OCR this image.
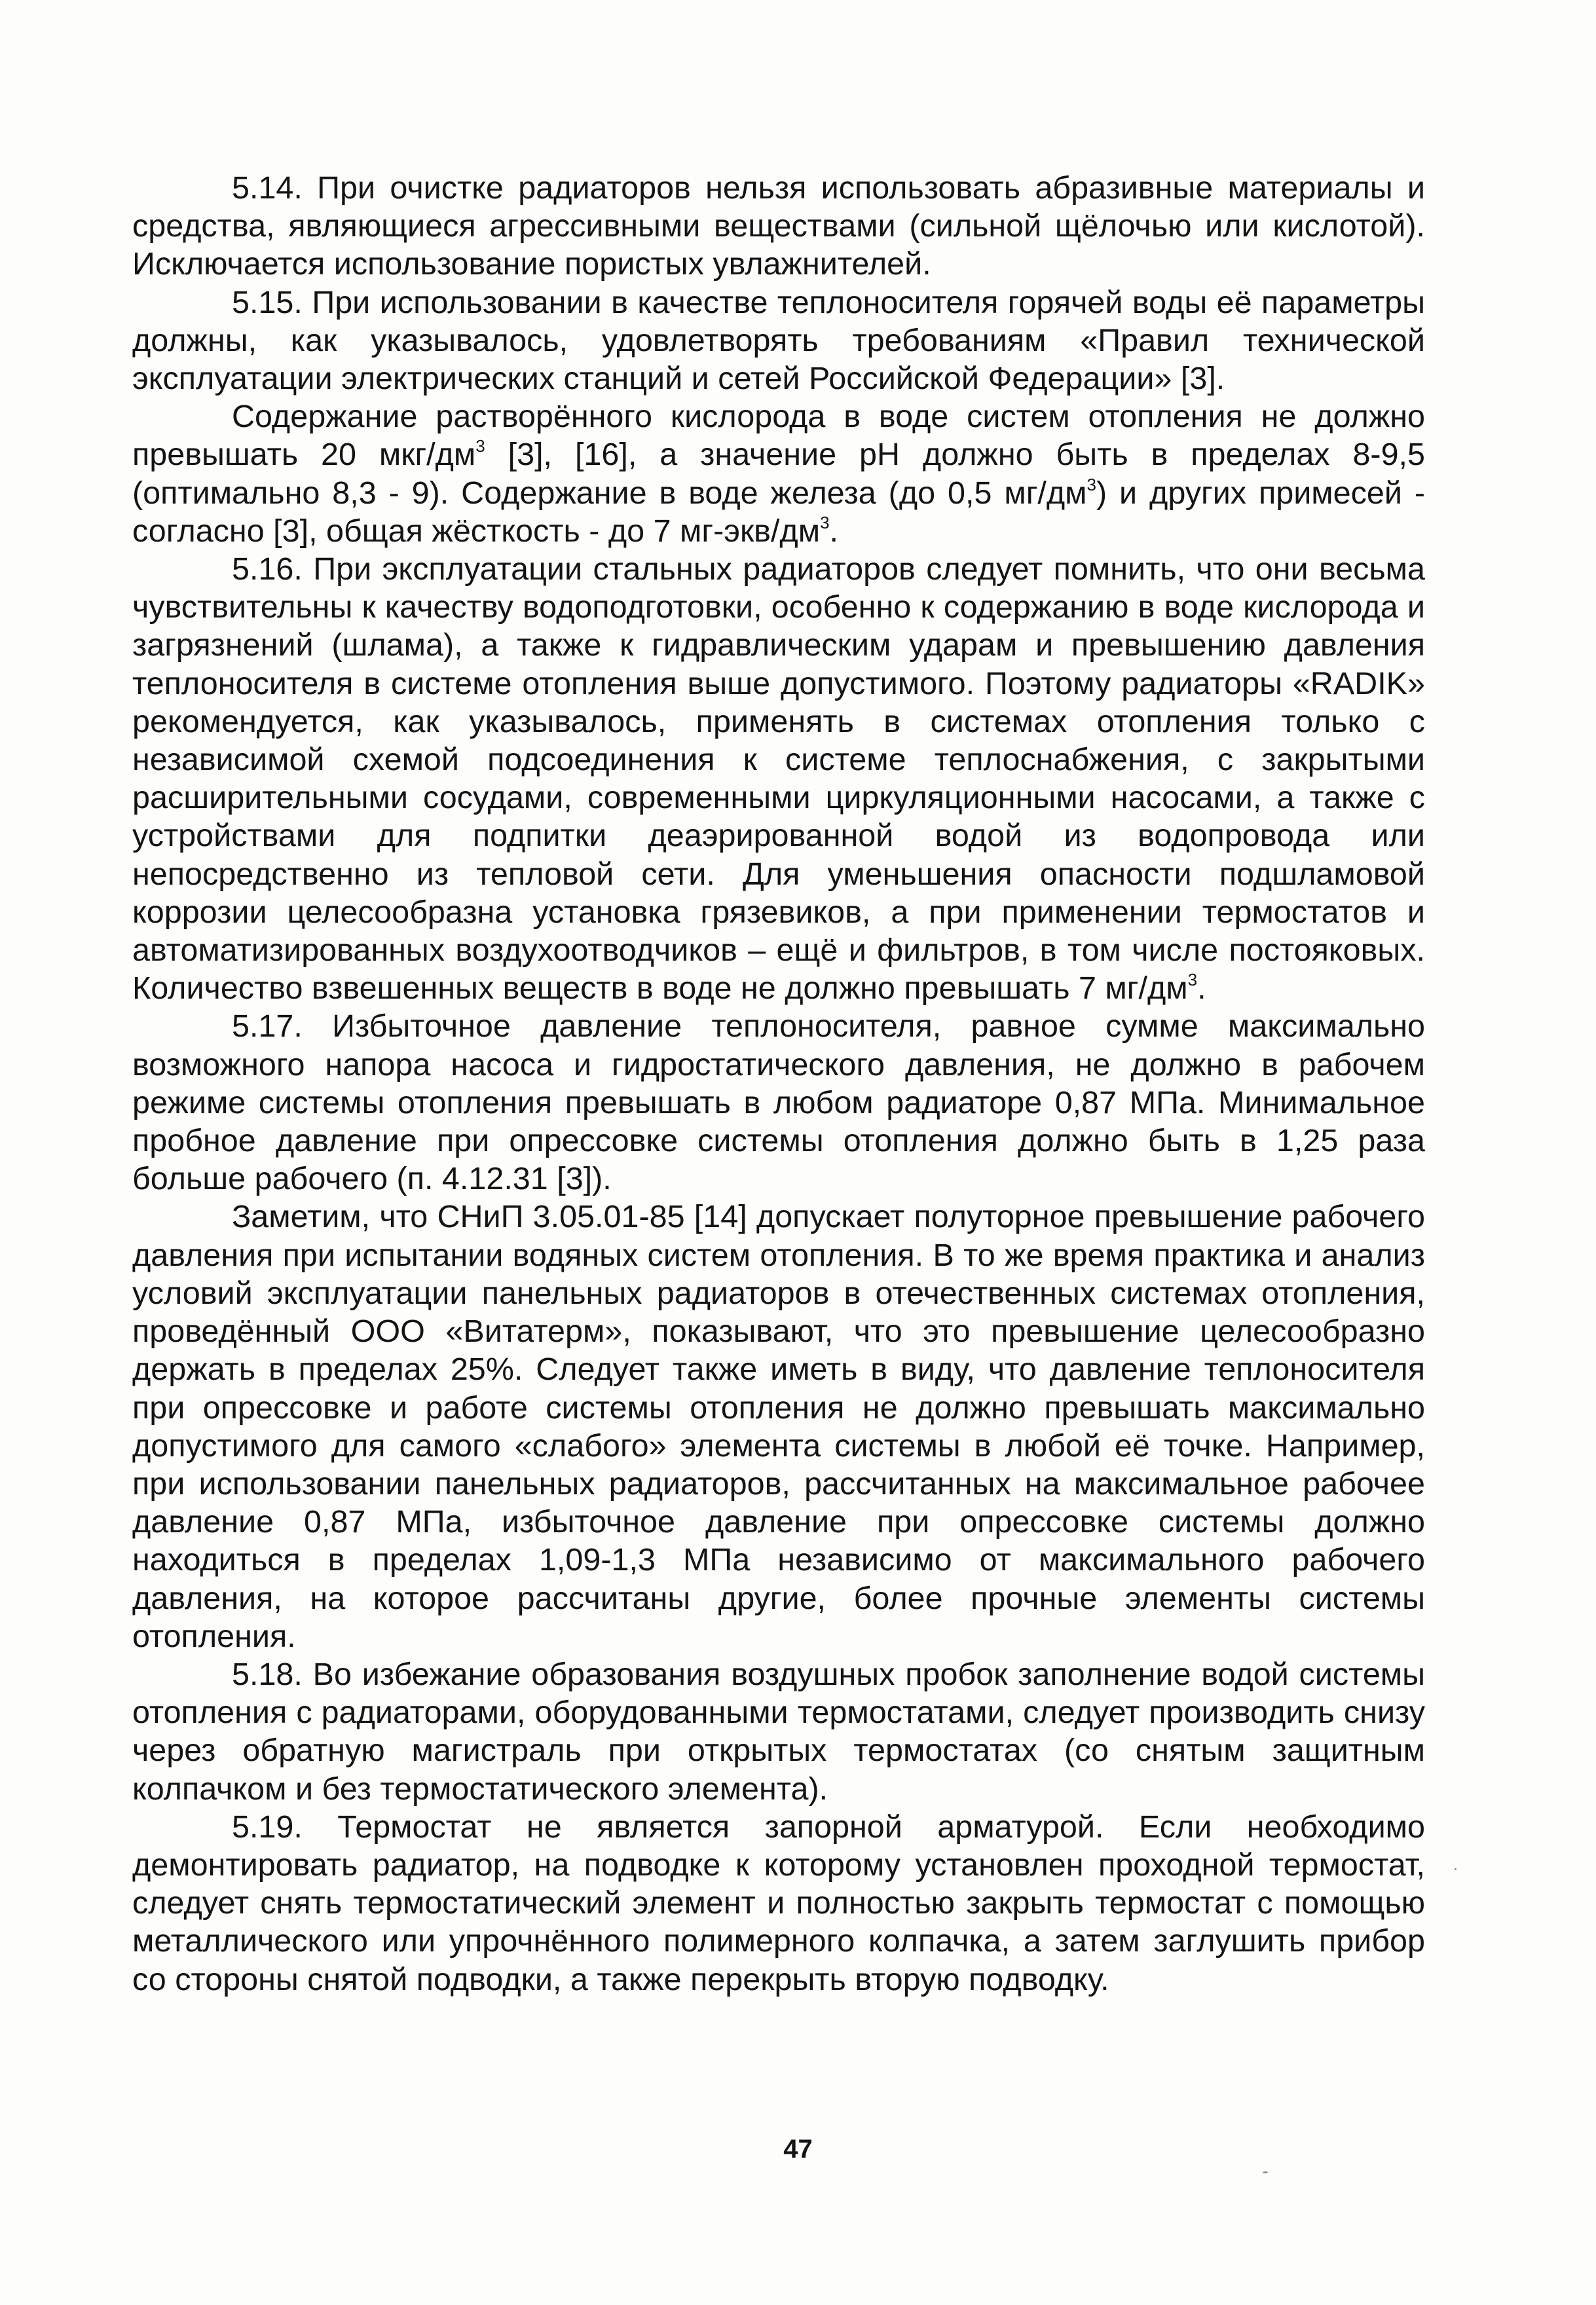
5.14. При очистке радиаторов нельзя использовать абразивные материалы и средства, являющиеся агрессивными веществами (сильной щёлочью или кислотой). Исключается использование пористых увлажнителей.

5.15. При использовании в качестве теплоносителя горячей воды её параметры должны, как указывалось, удовлетворять требованиям «Правил технической эксплуатации электрических станций и сетей Российской Федерации» [3].

Содержание растворённого кислорода в воде систем отопления не должно превышать 20 мкг/$дм^3$ [3], [16], а значение pH должно быть в пределах 8-9,5 (оптимально 8,3 - 9). Содержание в воде железа (до 0,5 $мг/дм^3$) и других примесей - согласно [3], общая жёсткость - до 7 $мг-экв/дм^3$.

5.16. При эксплуатации стальных радиаторов следует помнить, что они весьма чувствительны к качеству водоподготовки, особенно к содержанию в воде кислорода и загрязнений (шлама), а также к гидравлическим ударам и превышению давления теплоносителя в системе отопления выше допустимого. Поэтому радиаторы «RADIK» рекомендуется, как указывалось, применять в системах отопления только с независимой схемой подсоединения к системе теплоснабжения, с закрытыми расширительными сосудами, современными циркуляционными насосами, а также с устройствами для подпитки деаэрированной водой из водопровода или непосредственно из тепловой сети. Для уменьшения опасности подшламовой коррозии целесообразна установка грязевиков, а при применении термостатов и автоматизированных воздухоотводчиков – ещё и фильтров, в том числе постояковых. Количество взвешенных веществ в воде не должно превышать 7 $мг/дм^3$.

5.17. Избыточное давление теплоносителя, равное сумме максимально возможного напора насоса и гидростатического давления, не должно в рабочем режиме системы отопления превышать в любом радиаторе 0,87 МПа. Минимальное пробное давление при опрессовке системы отопления должно быть в 1,25 раза больше рабочего (п. 4.12.31 [3]).

Заметим, что СНиП 3.05.01-85 [14] допускает полуторное превышение рабочего давления при испытании водяных систем отопления. В то же время практика и анализ условий эксплуатации панельных радиаторов в отечественных системах отопления, проведённый ООО «Витатерм», показывают, что это превышение целесообразно держать в пределах 25%. Следует также иметь в виду, что давление теплоносителя при опрессовке и работе системы отопления не должно превышать максимально допустимого для самого «слабого» элемента системы в любой её точке. Например, при использовании панельных радиаторов, рассчитанных на максимальное рабочее давление 0,87 МПа, избыточное давление при опрессовке системы должно находиться в пределах 1,09-1,3 МПа независимо от максимального рабочего давления, на которое рассчитаны другие, более прочные элементы системы отопления.

5.18. Во избежание образования воздушных пробок заполнение водой системы отопления с радиаторами, оборудованными термостатами, следует производить снизу через обратную магистраль при открытых термостатах (со снятым защитным колпачком и без термостатического элемента).

5.19. Термостат не является запорной арматурой. Если необходимо демонтировать радиатор, на подводке к которому установлен проходной термостат, следует снять термостатический элемент и полностью закрыть термостат с помощью металлического или упрочнённого полимерного колпачка, а затем заглушить прибор со стороны снятой подводки, а также перекрыть вторую подводку.

47
